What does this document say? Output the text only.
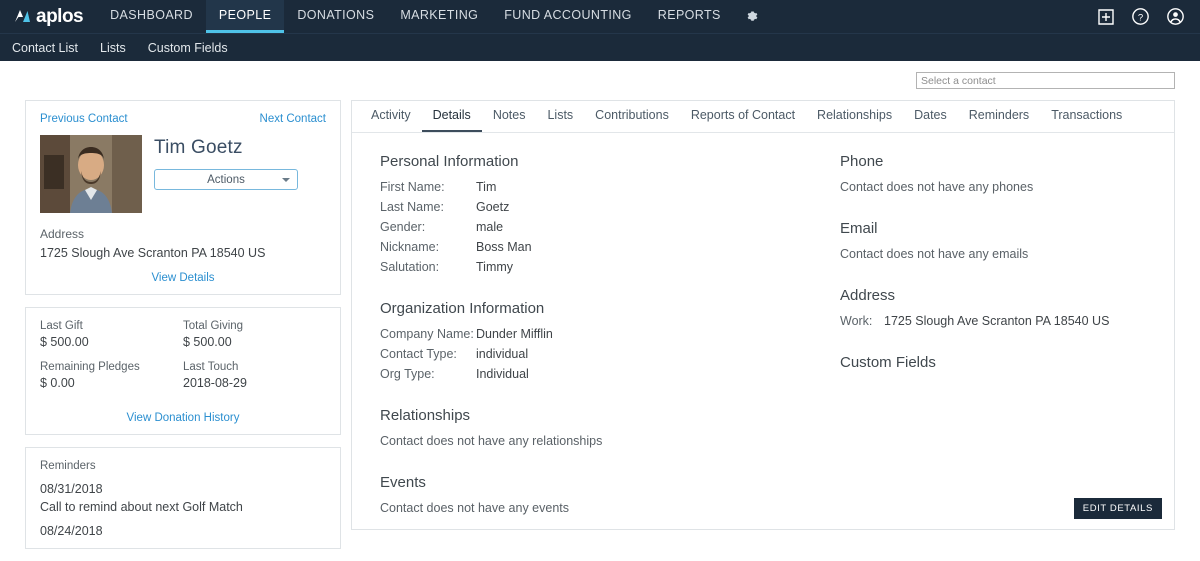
aplos	DASHBOARD	PEOPLE	DONATIONS	MARKETING	FUND ACCOUNTING	REPORTS	?
Contact List	Lists	Custom Fields
Select a contact
Previous Contact	Next Contact
Tim Goetz
Actions
Address
1725 Slough Ave Scranton PA 18540 US
View Details
Last Gift
$ 500.00
Total Giving
$ 500.00
Remaining Pledges
$ 0.00
Last Touch
2018-08-29
View Donation History
Reminders
08/31/2018
Call to remind about next Golf Match
08/24/2018
Activity	Details	Notes	Lists	Contributions	Reports of Contact	Relationships	Dates	Reminders	Transactions
Personal Information
First Name:	Tim
Last Name:	Goetz
Gender:	male
Nickname:	Boss Man
Salutation:	Timmy
Organization Information
Company Name: Dunder Mifflin
Contact Type:	individual
Org Type:	Individual
Relationships
Contact does not have any relationships
Events
Contact does not have any events
Phone
Contact does not have any phones
Email
Contact does not have any emails
Address
Work: 1725 Slough Ave Scranton PA 18540 US
Custom Fields
EDIT DETAILS
